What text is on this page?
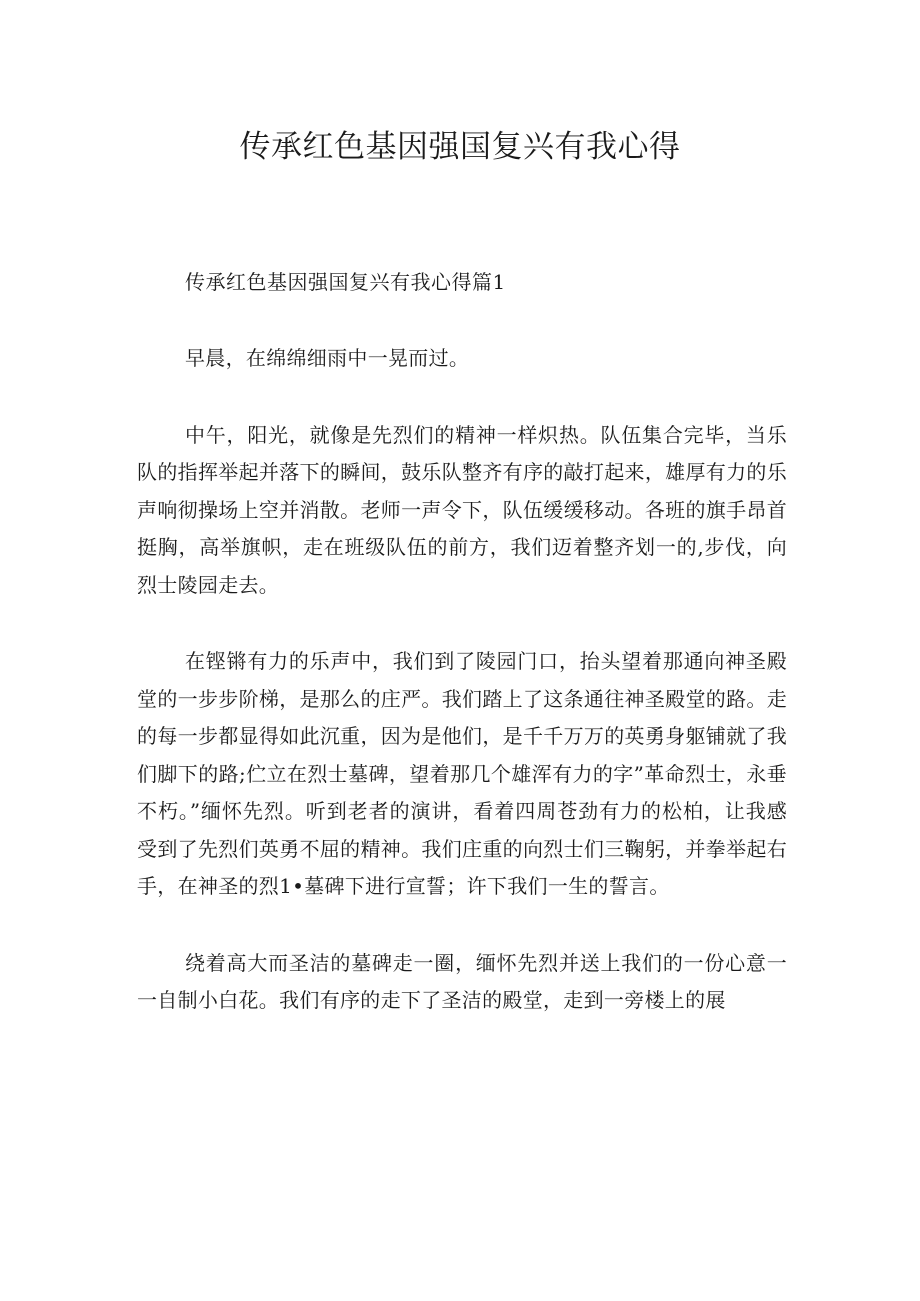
传承红色基因强国复兴有我心得

传承红色基因强国复兴有我心得篇1

早晨，在绵绵细雨中一晃而过。

中午，阳光，就像是先烈们的精神一样炽热。队伍集合完毕，当乐队的指挥举起并落下的瞬间，鼓乐队整齐有序的敲打起来，雄厚有力的乐声响彻操场上空并消散。老师一声令下，队伍缓缓移动。各班的旗手昂首挺胸，高举旗帜，走在班级队伍的前方，我们迈着整齐划一的,步伐，向烈士陵园走去。

在铿锵有力的乐声中，我们到了陵园门口，抬头望着那通向神圣殿堂的一步步阶梯，是那么的庄严。我们踏上了这条通往神圣殿堂的路。走的每一步都显得如此沉重，因为是他们，是千千万万的英勇身躯铺就了我们脚下的路;伫立在烈士墓碑，望着那几个雄浑有力的字”革命烈士，永垂不朽。”缅怀先烈。听到老者的演讲，看着四周苍劲有力的松柏，让我感受到了先烈们英勇不屈的精神。我们庄重的向烈士们三鞠躬，并拳举起右手，在神圣的烈1•墓碑下进行宣誓；许下我们一生的誓言。

绕着高大而圣洁的墓碑走一圈，缅怀先烈并送上我们的一份心意一一自制小白花。我们有序的走下了圣洁的殿堂，走到一旁楼上的展
